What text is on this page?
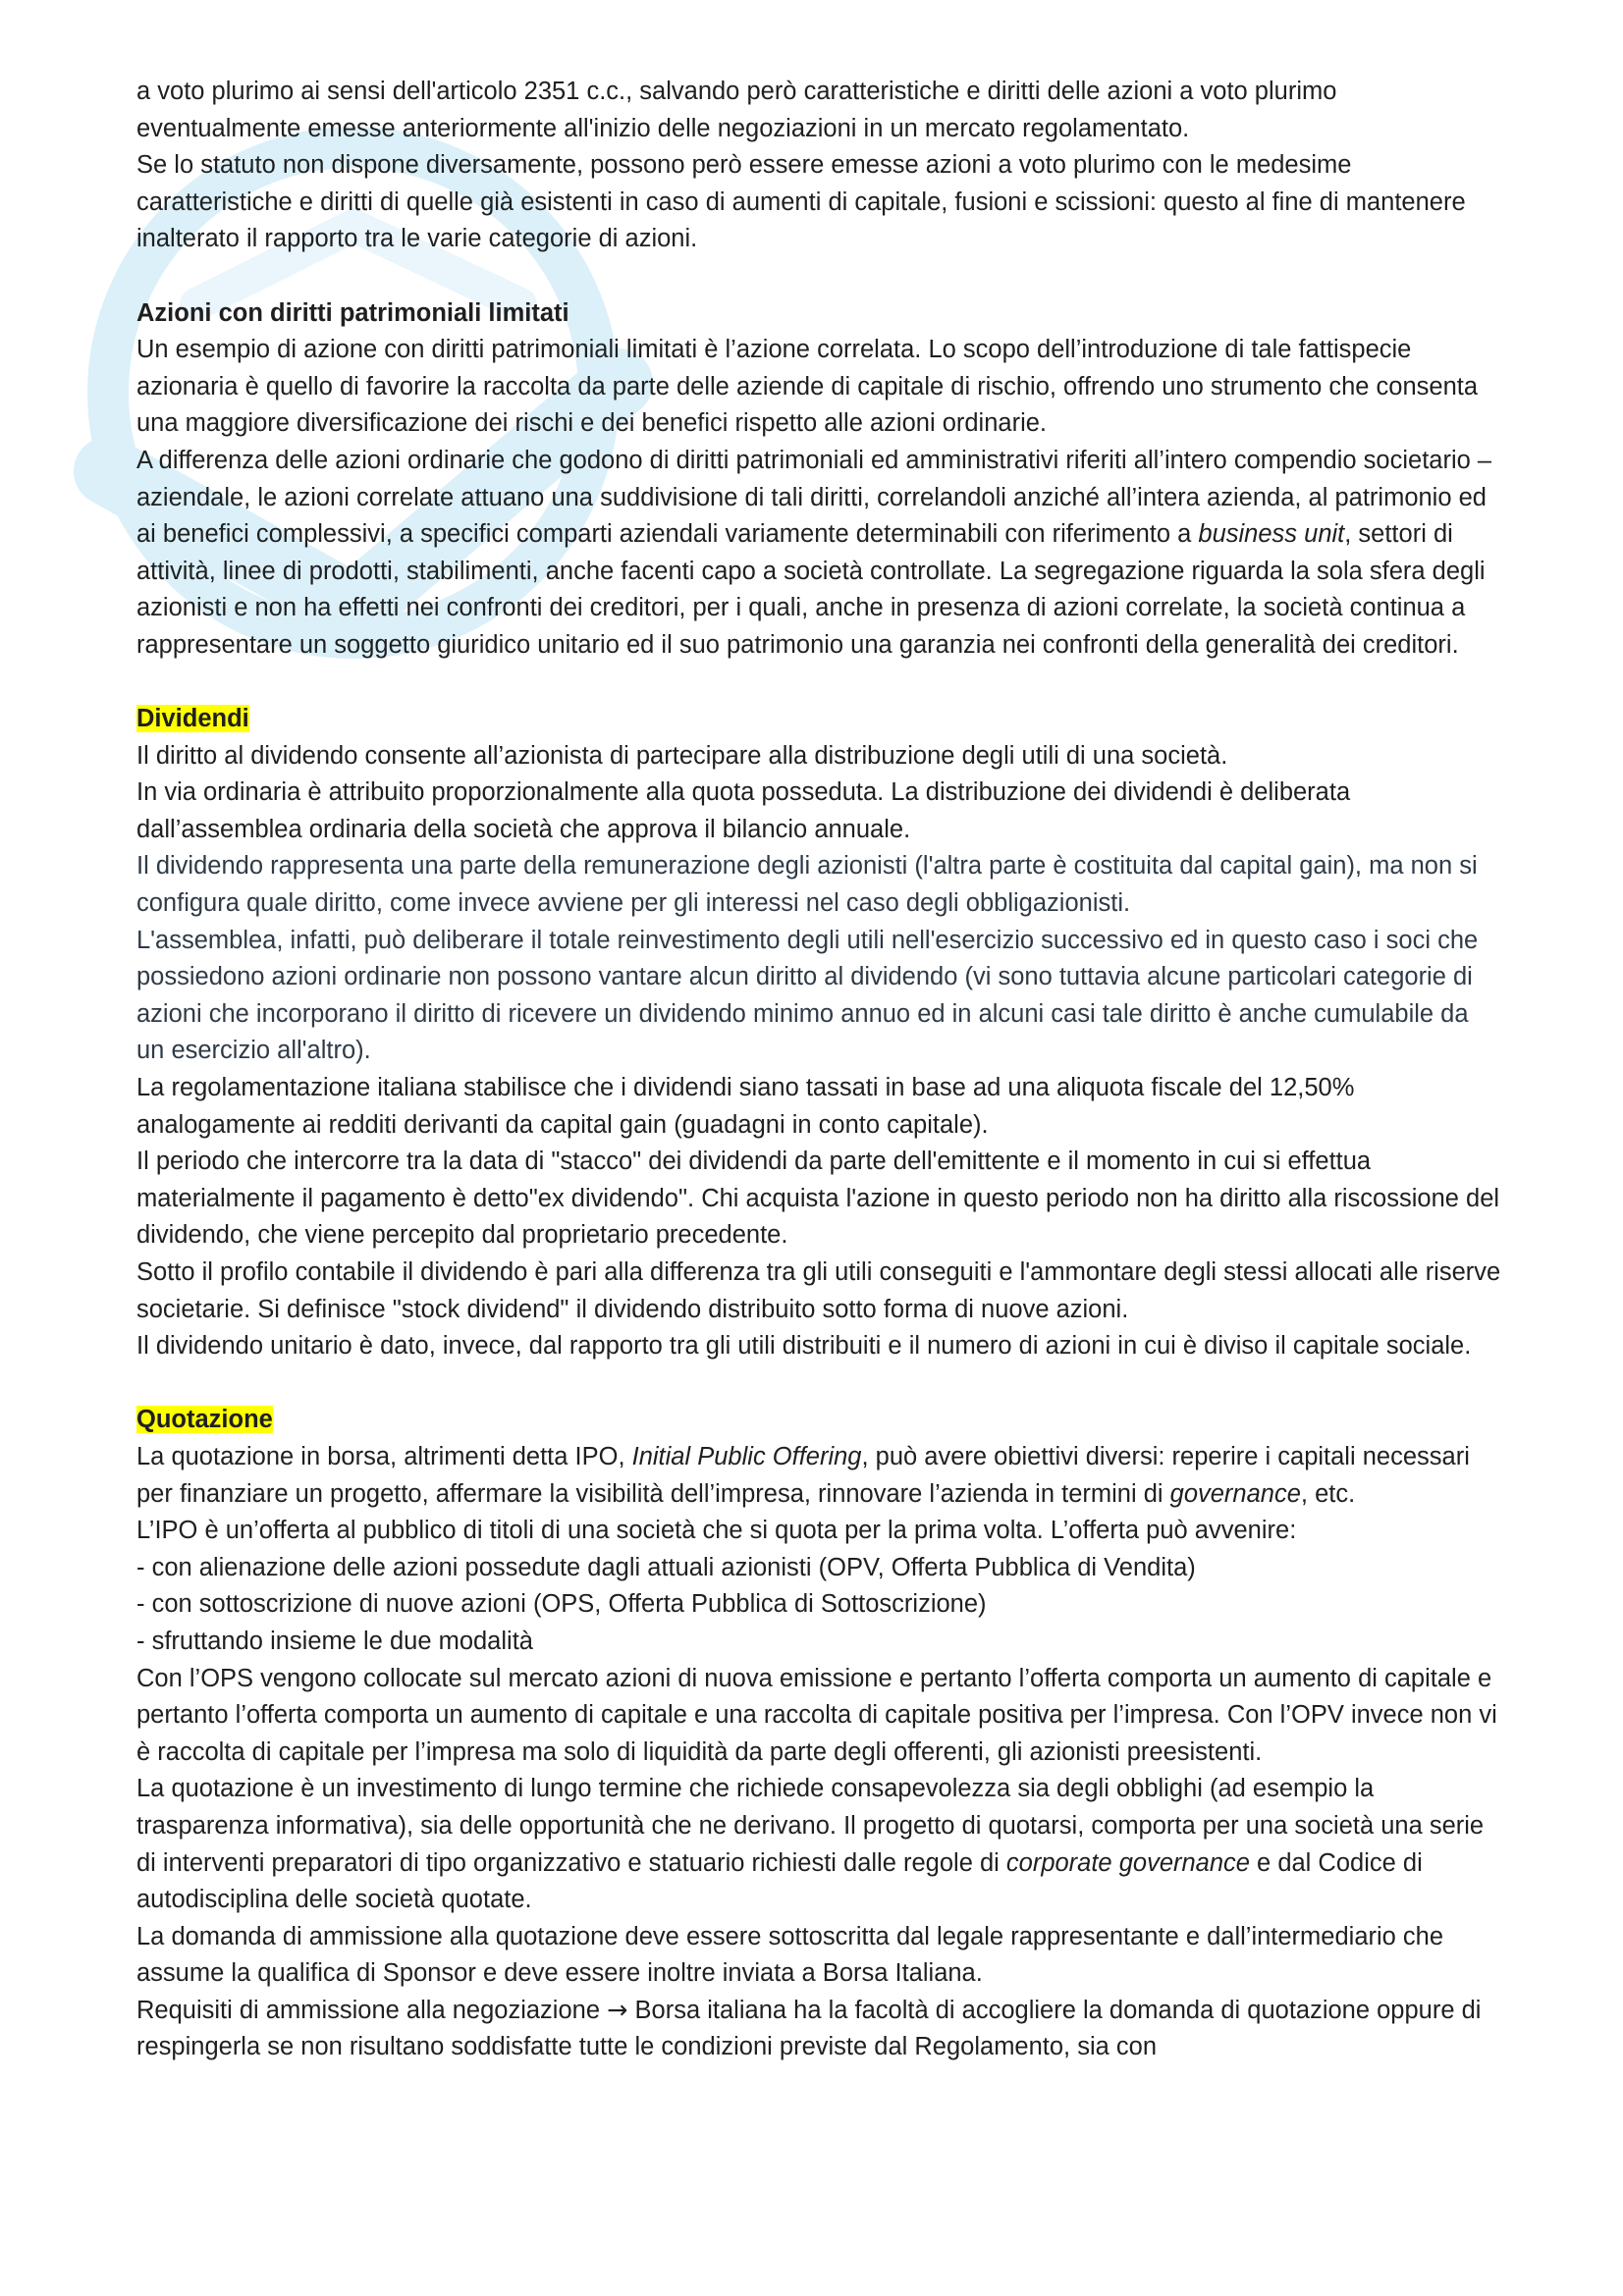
a voto plurimo ai sensi dell'articolo 2351 c.c., salvando però caratteristiche e diritti delle azioni a voto plurimo eventualmente emesse anteriormente all'inizio delle negoziazioni in un mercato regolamentato.

Se lo statuto non dispone diversamente, possono però essere emesse azioni a voto plurimo con le medesime caratteristiche e diritti di quelle già esistenti in caso di aumenti di capitale, fusioni e scissioni: questo al fine di mantenere inalterato il rapporto tra le varie categorie di azioni.

Azioni con diritti patrimoniali limitati

Un esempio di azione con diritti patrimoniali limitati è l’azione correlata. Lo scopo dell’introduzione di tale fattispecie azionaria è quello di favorire la raccolta da parte delle aziende di capitale di rischio, offrendo uno strumento che consenta una maggiore diversificazione dei rischi e dei benefici rispetto alle azioni ordinarie.

A differenza delle azioni ordinarie che godono di diritti patrimoniali ed amministrativi riferiti all’intero compendio societario – aziendale, le azioni correlate attuano una suddivisione di tali diritti, correlandoli anziché all’intera azienda, al patrimonio ed ai benefici complessivi, a specifici comparti aziendali variamente determinabili con riferimento a business unit, settori di attività, linee di prodotti, stabilimenti, anche facenti capo a società controllate. La segregazione riguarda la sola sfera degli azionisti e non ha effetti nei confronti dei creditori, per i quali, anche in presenza di azioni correlate, la società continua a rappresentare un soggetto giuridico unitario ed il suo patrimonio una garanzia nei confronti della generalità dei creditori.

Dividendi

Il diritto al dividendo consente all’azionista di partecipare alla distribuzione degli utili di una società.

In via ordinaria è attribuito proporzionalmente alla quota posseduta. La distribuzione dei dividendi è deliberata dall’assemblea ordinaria della società che approva il bilancio annuale.

Il dividendo rappresenta una parte della remunerazione degli azionisti (l'altra parte è costituita dal capital gain), ma non si configura quale diritto, come invece avviene per gli interessi nel caso degli obbligazionisti.

L'assemblea, infatti, può deliberare il totale reinvestimento degli utili nell'esercizio successivo ed in questo caso i soci che possiedono azioni ordinarie non possono vantare alcun diritto al dividendo (vi sono tuttavia alcune particolari categorie di azioni che incorporano il diritto di ricevere un dividendo minimo annuo ed in alcuni casi tale diritto è anche cumulabile da un esercizio all'altro).

La regolamentazione italiana stabilisce che i dividendi siano tassati in base ad una aliquota fiscale del 12,50% analogamente ai redditi derivanti da capital gain (guadagni in conto capitale).

Il periodo che intercorre tra la data di "stacco" dei dividendi da parte dell'emittente e il momento in cui si effettua materialmente il pagamento è detto"ex dividendo". Chi acquista l'azione in questo periodo non ha diritto alla riscossione del dividendo, che viene percepito dal proprietario precedente.

Sotto il profilo contabile il dividendo è pari alla differenza tra gli utili conseguiti e l'ammontare degli stessi allocati alle riserve societarie. Si definisce "stock dividend" il dividendo distribuito sotto forma di nuove azioni.

Il dividendo unitario è dato, invece, dal rapporto tra gli utili distribuiti e il numero di azioni in cui è diviso il capitale sociale.

Quotazione

La quotazione in borsa, altrimenti detta IPO, Initial Public Offering, può avere obiettivi diversi: reperire i capitali necessari per finanziare un progetto, affermare la visibilità dell’impresa, rinnovare l’azienda in termini di governance, etc.

L’IPO è un’offerta al pubblico di titoli di una società che si quota per la prima volta. L’offerta può avvenire:

- con alienazione delle azioni possedute dagli attuali azionisti (OPV, Offerta Pubblica di Vendita)

- con sottoscrizione di nuove azioni (OPS, Offerta Pubblica di Sottoscrizione)

- sfruttando insieme le due modalità

Con l’OPS vengono collocate sul mercato azioni di nuova emissione e pertanto l’offerta comporta un aumento di capitale e pertanto l’offerta comporta un aumento di capitale e una raccolta di capitale positiva per l’impresa. Con l’OPV invece non vi è raccolta di capitale per l’impresa ma solo di liquidità da parte degli offerenti, gli azionisti preesistenti.

La quotazione è un investimento di lungo termine che richiede consapevolezza sia degli obblighi (ad esempio la trasparenza informativa), sia delle opportunità che ne derivano. Il progetto di quotarsi, comporta per una società una serie di interventi preparatori di tipo organizzativo e statuario richiesti dalle regole di corporate governance e dal Codice di autodisciplina delle società quotate.

La domanda di ammissione alla quotazione deve essere sottoscritta dal legale rappresentante e dall’intermediario che assume la qualifica di Sponsor e deve essere inoltre inviata a Borsa Italiana.

Requisiti di ammissione alla negoziazione → Borsa italiana ha la facoltà di accogliere la domanda di quotazione oppure di respingerla se non risultano soddisfatte tutte le condizioni previste dal Regolamento, sia con
